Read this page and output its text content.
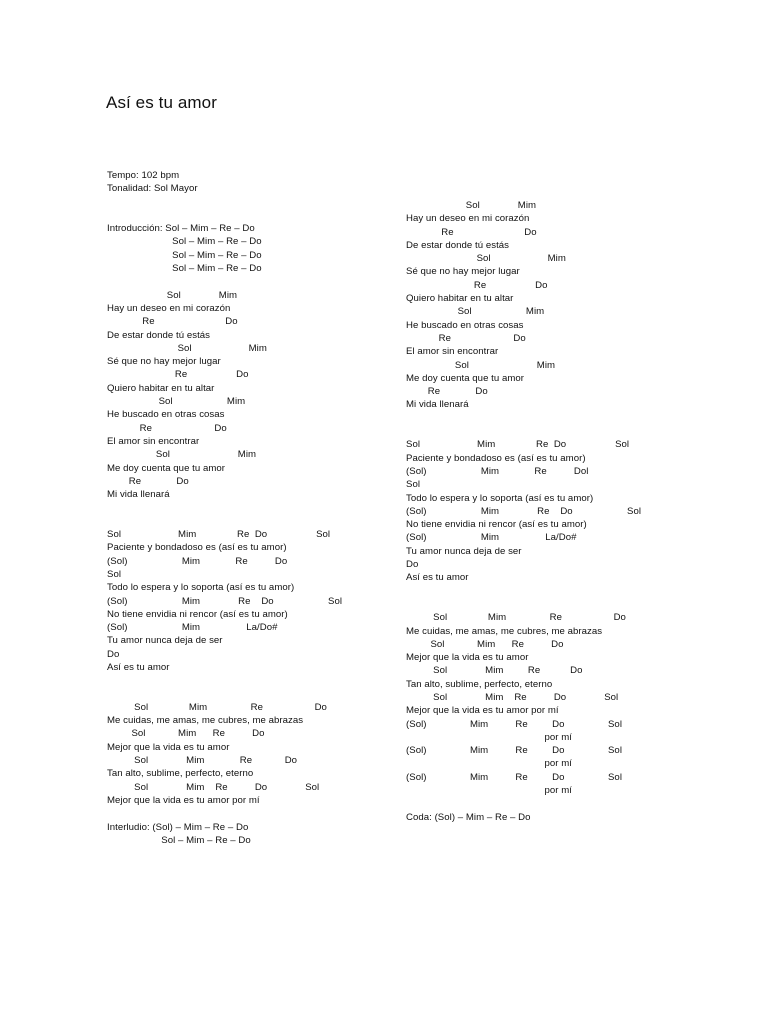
Así es tu amor
Tempo: 102 bpm
Tonalidad: Sol Mayor
Introducción: Sol – Mim – Re – Do
Sol – Mim – Re – Do
Sol – Mim – Re – Do
Sol – Mim – Re – Do
Sol              Mim
Hay un deseo en mi corazón
Re                          Do
De estar donde tú estás
Sol                     Mim
Sé que no hay mejor lugar
Re                  Do
Quiero habitar en tu altar
Sol                    Mim
He buscado en otras cosas
Re                       Do
El amor sin encontrar
Sol                         Mim
Me doy cuenta que tu amor
Re             Do
Mi vida llenará
Sol                     Mim               Re  Do                  Sol
Paciente y bondadoso es (así es tu amor)
(Sol)                    Mim             Re          Do
Sol
Todo lo espera y lo soporta (así es tu amor)
(Sol)                    Mim              Re    Do                    Sol
No tiene envidia ni rencor (así es tu amor)
(Sol)                    Mim                 La/Do#
Tu amor nunca deja de ser
Do
Así es tu amor
Sol               Mim                Re                   Do
Me cuidas, me amas, me cubres, me abrazas
Sol            Mim      Re          Do
Mejor que la vida es tu amor
Sol              Mim             Re            Do
Tan alto, sublime, perfecto, eterno
Sol              Mim    Re          Do              Sol
Mejor que la vida es tu amor por mí
Interludio: (Sol) – Mim – Re – Do
Sol – Mim – Re – Do
Sol              Mim
Hay un deseo en mi corazón
Re                          Do
De estar donde tú estás
Sol                     Mim
Sé que no hay mejor lugar
Re                  Do
Quiero habitar en tu altar
Sol                    Mim
He buscado en otras cosas
Re                       Do
El amor sin encontrar
Sol                         Mim
Me doy cuenta que tu amor
Re             Do
Mi vida llenará
Sol                     Mim               Re  Do                  Sol
Paciente y bondadoso es (así es tu amor)
(Sol)                    Mim             Re          Dol
Sol
Todo lo espera y lo soporta (así es tu amor)
(Sol)                    Mim              Re    Do                    Sol
No tiene envidia ni rencor (así es tu amor)
(Sol)                    Mim                 La/Do#
Tu amor nunca deja de ser
Do
Así es tu amor
Sol               Mim                Re                   Do
Me cuidas, me amas, me cubres, me abrazas
Sol            Mim      Re          Do
Mejor que la vida es tu amor
Sol              Mim         Re           Do
Tan alto, sublime, perfecto, eterno
Sol              Mim    Re          Do              Sol
Mejor que la vida es tu amor por mí
(Sol)                Mim          Re         Do                Sol
por mí
(Sol)                Mim          Re         Do                Sol
por mí
(Sol)                Mim          Re         Do                Sol
por mí
Coda: (Sol) – Mim – Re – Do
